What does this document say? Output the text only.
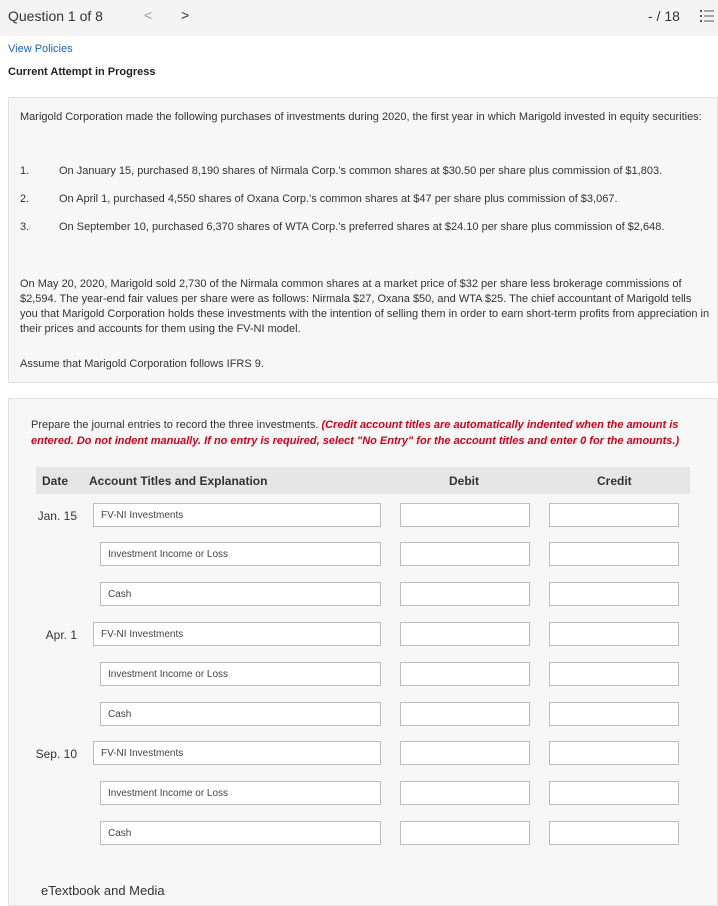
Question 1 of 8	< >	- / 18
View Policies
Current Attempt in Progress
Marigold Corporation made the following purchases of investments during 2020, the first year in which Marigold invested in equity securities:
1.	On January 15, purchased 8,190 shares of Nirmala Corp.'s common shares at $30.50 per share plus commission of $1,803.
2.	On April 1, purchased 4,550 shares of Oxana Corp.'s common shares at $47 per share plus commission of $3,067.
3.	On September 10, purchased 6,370 shares of WTA Corp.'s preferred shares at $24.10 per share plus commission of $2,648.
On May 20, 2020, Marigold sold 2,730 of the Nirmala common shares at a market price of $32 per share less brokerage commissions of $2,594. The year-end fair values per share were as follows: Nirmala $27, Oxana $50, and WTA $25. The chief accountant of Marigold tells you that Marigold Corporation holds these investments with the intention of selling them in order to earn short-term profits from appreciation in their prices and accounts for them using the FV-NI model.
Assume that Marigold Corporation follows IFRS 9.
Prepare the journal entries to record the three investments. (Credit account titles are automatically indented when the amount is entered. Do not indent manually. If no entry is required, select "No Entry" for the account titles and enter 0 for the amounts.)
Date Account Titles and Explanation	Debit	Credit
Jan. 15	FV-NI Investments
Investment Income or Loss
Cash
Apr. 1	FV-NI Investments
Investment Income or Loss
Cash
Sep. 10	FV-NI Investments
Investment Income or Loss
Cash
eTextbook and Media
